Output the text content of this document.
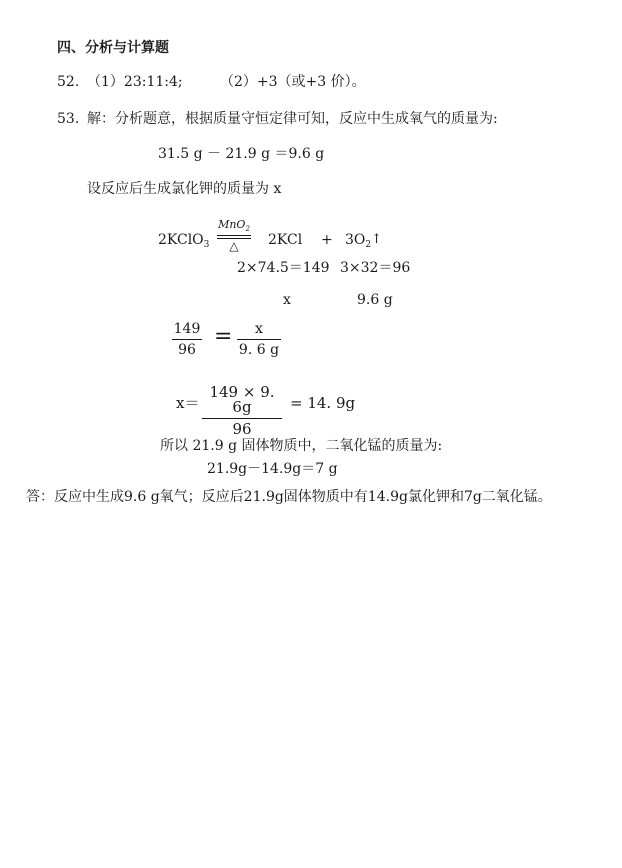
四、分析与计算题
52. （1）23:11:4;	（2）+3（或+3 价）。
53. 解：分析题意，根据质量守恒定律可知，反应中生成氧气的质量为:
31.5 g － 21.9 g ＝9.6 g
设反应后生成氯化钾的质量为 x
2KClO$_3$
MnO$_2$
△	$2KCl + 3O_2↑$
2×74.5＝149 3×32＝96
x	9.6 g
149
96
=	x
9. 6 g
x＝
149 × 9. 6g
96
= 14. 9g
所以 21.9 g 固体物质中，二氧化锰的质量为:
21.9g－14.9g＝7 g
答：反应中生成9.6 g氧气；反应后21.9g固体物质中有14.9g氯化钾和7g二氧化锰。
